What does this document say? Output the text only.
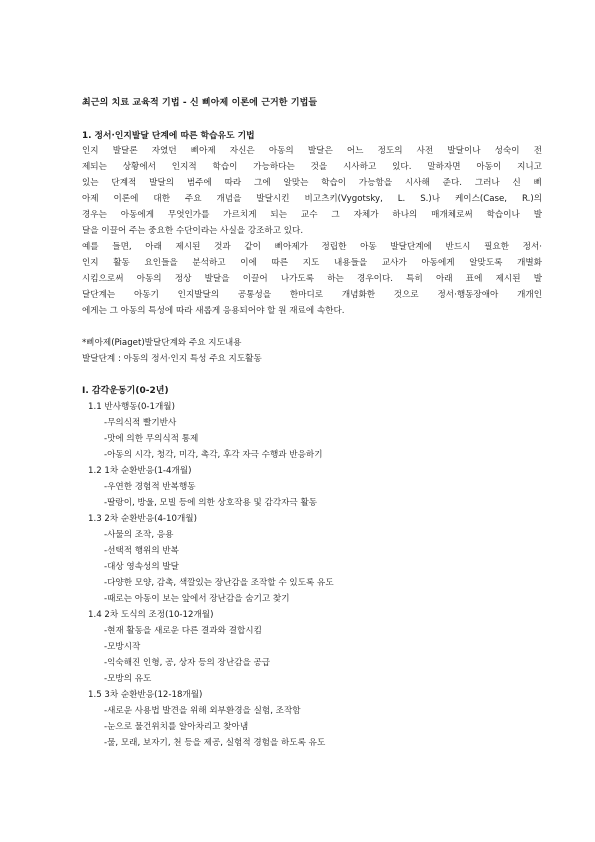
최근의 치료 교육적 기법 - 신 삐아제 이론에 근거한 기법들
1. 정서·인지발달 단계에 따른 학습유도 기법
인지 발달론 자였던 삐아제 자신은 아동의 발달은 어느 정도의 사전 발달이나 성숙이 전
제되는 상황에서 인지적 학습이 가능하다는 것을 시사하고 있다. 말하자면 아동이 지니고
있는 단계적 발달의 범주에 따라 그에 알맞는 학습이 가능함을 시사해 준다. 그러나 신 삐
아제 이론에 대한 주요 개념을 발달시킨 비고츠키(Vygotsky, L. S.)나 케이스(Case, R.)의
경우는 아동에게 무엇인가를 가르치게 되는 교수 그 자체가 하나의 매개체로써 학습이나 발
달을 이끌어 주는 중요한 수단이라는 사실을 강조하고 있다.
예를 들면, 아래 제시된 것과 같이 삐아제가 정립한 아동 발달단계에 반드시 필요한 정서·
인지 활동 요인들을 분석하고 이에 따른 지도 내용들을 교사가 아동에게 알맞도록 개별화
시킴으로써 아동의 정상 발달을 이끌어 나가도록 하는 경우이다. 특히 아래 표에 제시된 발
달단계는 아동기 인지발달의 공통성을 한마디로 개념화한 것으로 정서·행동장애아 개개인
에게는 그 아동의 특성에 따라 새롭게 응용되어야 할 원 재료에 속한다.
*삐아제(Piaget)발달단계와 주요 지도내용
발달단계 : 아동의 정서·인지 특성 주요 지도활동
I. 감각운동기(0-2년)
1.1 반사행동(0-1개월)
-무의식적 빨기반사
-맛에 의한 무의식적 통제
-아동의 시각, 청각, 미각, 촉각, 후각 자극 수행과 반응하기
1.2 1차 순환반응(1-4개월)
-우연한 경험적 반복행동
-딸랑이, 방울, 모빌 등에 의한 상호작용 및 감각자극 활동
1.3 2차 순환반응(4-10개월)
-사물의 조작, 응용
-선택적 행위의 반복
-대상 영속성의 발달
-다양한 모양, 감촉, 색깔있는 장난감을 조작할 수 있도록 유도
-때로는 아동이 보는 앞에서 장난감을 숨기고 찾기
1.4 2차 도식의 조정(10-12개월)
-현재 활동을 새로운 다른 결과와 결합시킴
-모방시작
-익숙해진 인형, 공, 상자 등의 장난감을 공급
-모방의 유도
1.5 3차 순환반응(12-18개월)
-새로운 사용법 발견을 위해 외부환경을 실험, 조작함
-눈으로 물건위치를 알아차리고 찾아냄
-물, 모래, 보자기, 천 등을 제공, 실험적 경험을 하도록 유도
